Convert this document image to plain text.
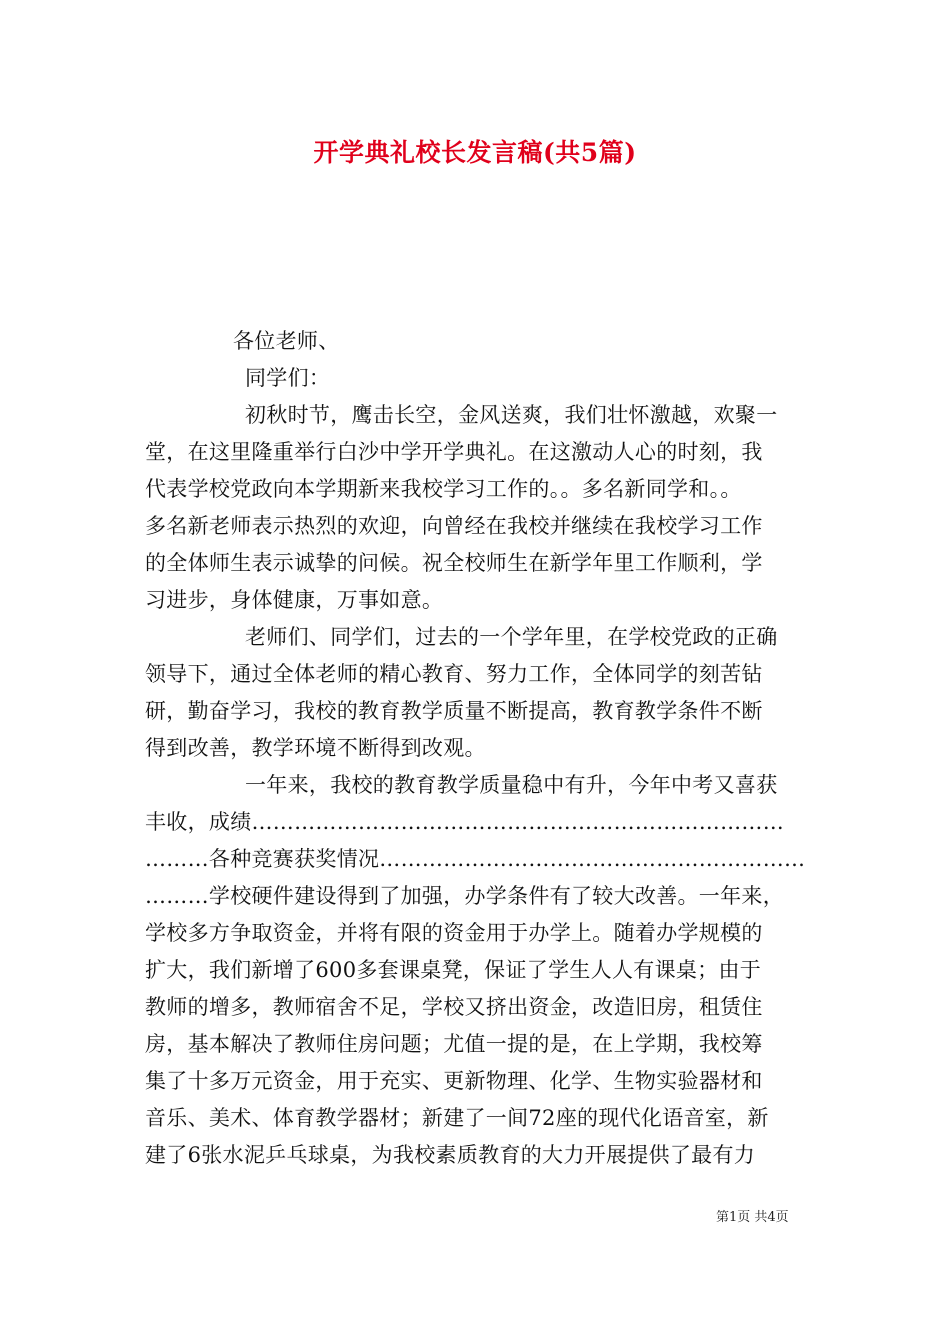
开学典礼校长发言稿(共5篇)
各位老师、
同学们：
初秋时节，鹰击长空，金风送爽，我们壮怀激越，欢聚一
堂，在这里隆重举行白沙中学开学典礼。在这激动人心的时刻，我
代表学校党政向本学期新来我校学习工作的。。多名新同学和。。
多名新老师表示热烈的欢迎，向曾经在我校并继续在我校学习工作
的全体师生表示诚挚的问候。祝全校师生在新学年里工作顺利，学
习进步，身体健康，万事如意。
老师们、同学们，过去的一个学年里，在学校党政的正确
领导下，通过全体老师的精心教育、努力工作，全体同学的刻苦钻
研，勤奋学习，我校的教育教学质量不断提高，教育教学条件不断
得到改善，教学环境不断得到改观。
一年来，我校的教育教学质量稳中有升，今年中考又喜获
丰收，成绩…………………………………………………………………
………各种竞赛获奖情况……………………………………………………
………学校硬件建设得到了加强，办学条件有了较大改善。一年来，
学校多方争取资金，并将有限的资金用于办学上。随着办学规模的
扩大，我们新增了600多套课桌凳，保证了学生人人有课桌；由于
教师的增多，教师宿舍不足，学校又挤出资金，改造旧房，租赁住
房，基本解决了教师住房问题；尤值一提的是，在上学期，我校筹
集了十多万元资金，用于充实、更新物理、化学、生物实验器材和
音乐、美术、体育教学器材；新建了一间72座的现代化语音室，新
建了6张水泥乒乓球桌，为我校素质教育的大力开展提供了最有力
第1页 共4页
